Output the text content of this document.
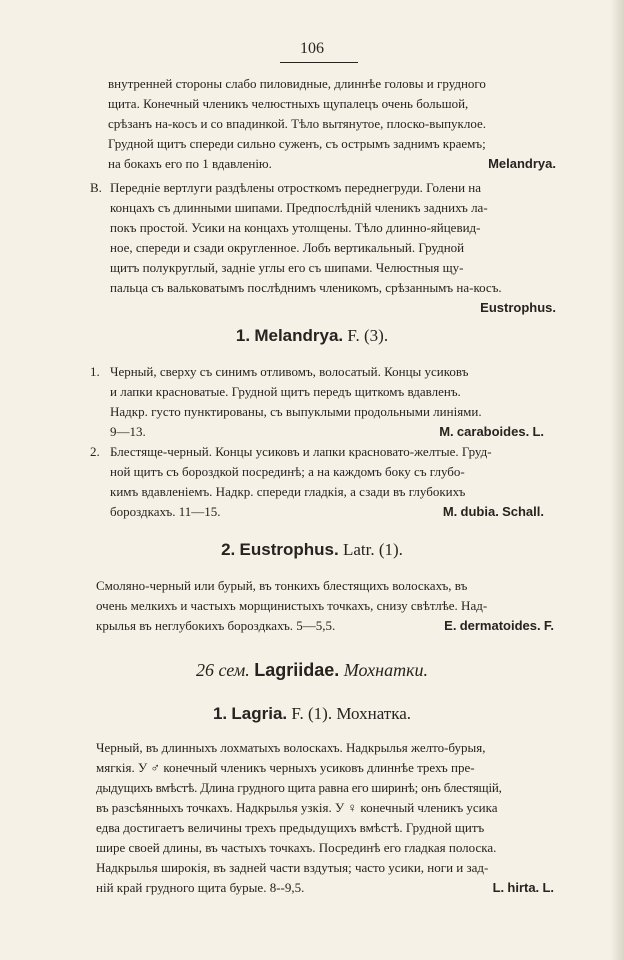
106
внутренней стороны слабо пиловидные, длиннѣе головы и грудного
щита. Конечный членикъ челюстныхъ щупалецъ очень большой,
срѣзанъ на-косъ и со впадинкой. Тѣло вытянутое, плоско-выпуклое.
Грудной щитъ спереди сильно суженъ, съ острымъ заднимъ краемъ;
на бокахъ его по 1 вдавленію.	Melandrya.
B. Передніе вертлуги раздѣлены отросткомъ переднегруди. Голени на
концахъ съ длинными шипами. Предпослѣдній членикъ заднихъ ла-
покъ простой. Усики на концахъ утолщены. Тѣло длинно-яйцевид-
ное, спереди и сзади округленное. Лобъ вертикальный. Грудной
щитъ полукруглый, задніе углы его съ шипами. Челюстныя щу-
пальца съ вальковатымъ послѣднимъ членикомъ, срѣзаннымъ на-косъ.
Eustrophus.
1. Melandrya. F. (3).
1. Черный, сверху съ синимъ отливомъ, волосатый. Концы усиковъ
и лапки красноватые. Грудной щитъ передъ щиткомъ вдавленъ.
Надкр. густо пунктированы, съ выпуклыми продольными линіями.
9—13.	M. caraboides. L.
2. Блестяще-черный. Концы усиковъ и лапки красновато-желтые. Груд-
ной щитъ съ бороздкой посрединѣ; а на каждомъ боку съ глубо-
кимъ вдавленіемъ. Надкр. спереди гладкія, а сзади въ глубокихъ
бороздкахъ. 11—15.	M. dubia. Schall.
2. Eustrophus. Latr. (1).
Смоляно-черный или бурый, въ тонкихъ блестящихъ волоскахъ, въ
очень мелкихъ и частыхъ морщинистыхъ точкахъ, снизу свѣтлѣе. Над-
крылья въ неглубокихъ бороздкахъ. 5—5,5.	E. dermatoides. F.
26 сем. Lagriidae. Мохнатки.
1. Lagria. F. (1). Мохнатка.
Черный, въ длинныхъ лохматыхъ волоскахъ. Надкрылья желто-бурыя,
мягкія. У ♂ конечный членикъ черныхъ усиковъ длиннѣе трехъ пре-
дыдущихъ вмѣстѣ. Длина грудного щита равна его ширинѣ; онъ блестящій,
въ разсѣянныхъ точкахъ. Надкрылья узкія. У ♀ конечный членикъ усика
едва достигаетъ величины трехъ предыдущихъ вмѣстѣ. Грудной щитъ
шире своей длины, въ частыхъ точкахъ. Посрединѣ его гладкая полоска.
Надкрылья широкія, въ задней части вздутыя; часто усики, ноги и зад-
ній край грудного щита бурые. 8--9,5.	L. hirta. L.
